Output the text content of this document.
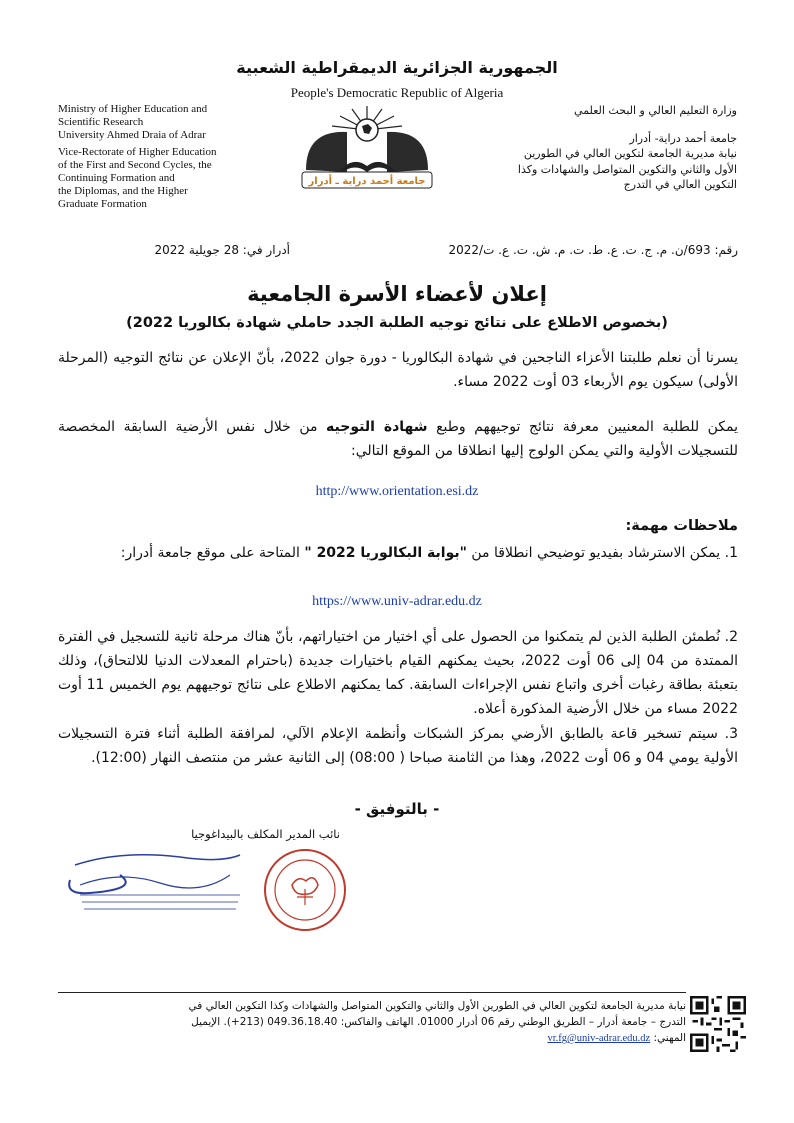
الجمهورية الجزائرية الديمقراطية الشعبية
People's Democratic Republic of Algeria
Ministry of Higher Education and
Scientific Research
University Ahmed Draia of Adrar
Vice-Rectorate of Higher Education
of the First and Second Cycles, the
Continuing Formation and
the Diplomas, and the Higher
Graduate Formation
وزارة التعليم العالي و البحث العلمي
جامعة أحمد دراية- أدرار
نيابة مديرية الجامعة لتكوين العالي في الطورين
الأول والثاني والتكوين المتواصل والشهادات وكذا
التكوين العالي في التدرج
جامعة أحمد دراية ـ أدرار
رقم: 693/ن. م. ج. ت. ع. ط. ت. م. ش. ت. ع. ت/2022
أدرار في: 28 جويلية 2022
إعلان لأعضاء الأسرة الجامعية
(بخصوص الاطلاع على نتائج توجيه الطلبة الجدد حاملي شهادة بكالوريا 2022)
يسرنا أن نعلم طلبتنا الأعزاء الناجحين في شهادة البكالوريا - دورة جوان 2022، بأنّ الإعلان عن نتائج التوجيه (المرحلة الأولى) سيكون يوم الأربعاء 03 أوت 2022 مساء.
يمكن للطلبة المعنيين معرفة نتائج توجيههم وطبع شهادة التوجيه من خلال نفس الأرضية السابقة المخصصة للتسجيلات الأولية والتي يمكن الولوج إليها انطلاقا من الموقع التالي:
http://www.orientation.esi.dz
ملاحظات مهمة:
1. يمكن الاسترشاد بفيديو توضيحي انطلاقا من "بوابة البكالوريا 2022 " المتاحة على موقع جامعة أدرار:
https://www.univ-adrar.edu.dz
2. نُطمئن الطلبة الذين لم يتمكنوا من الحصول على أي اختيار من اختياراتهم، بأنّ هناك مرحلة ثانية للتسجيل في الفترة الممتدة من 04 إلى 06 أوت 2022، بحيث يمكنهم القيام باختيارات جديدة (باحترام المعدلات الدنيا للالتحاق)، وذلك بتعبئة بطاقة رغبات أخرى واتباع نفس الإجراءات السابقة. كما يمكنهم الاطلاع على نتائج توجيههم يوم الخميس 11 أوت 2022 مساء من خلال الأرضية المذكورة أعلاه.
3. سيتم تسخير قاعة بالطابق الأرضي بمركز الشبكات وأنظمة الإعلام الآلي، لمرافقة الطلبة أثناء فترة التسجيلات الأولية يومي 04 و 06 أوت 2022، وهذا من الثامنة صباحا ( 08:00) إلى الثانية عشر من منتصف النهار (12:00).
- بالتوفيق -
نائب المدير المكلف بالبيداغوجيا
نيابة مديرية الجامعة لتكوين العالي في الطورين الأول والثاني والتكوين المتواصل والشهادات وكذا التكوين العالي في
التدرج – جامعة أدرار – الطريق الوطني رقم 06 أدرار 01000. الهاتف والفاكس: 049.36.18.40 (213+). الإيميل
المهني: vr.fg@univ-adrar.edu.dz
